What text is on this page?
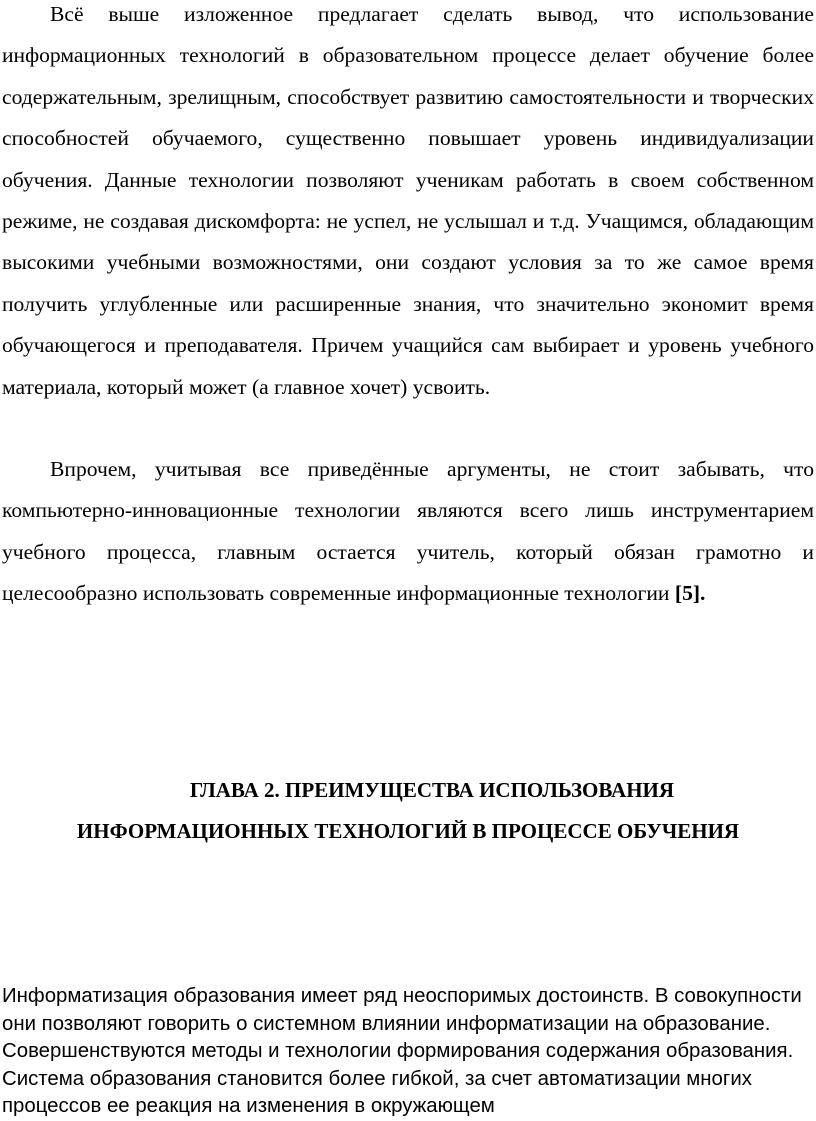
Всё выше изложенное предлагает сделать вывод, что использование информационных технологий в образовательном процессе делает обучение более содержательным, зрелищным, способствует развитию самостоятельности и творческих способностей обучаемого, существенно повышает уровень индивидуализации обучения. Данные технологии позволяют ученикам работать в своем собственном режиме, не создавая дискомфорта: не успел, не услышал и т.д. Учащимся, обладающим высокими учебными возможностями, они создают условия за то же самое время получить углубленные или расширенные знания, что значительно экономит время обучающегося и преподавателя. Причем учащийся сам выбирает и уровень учебного материала, который может (а главное хочет) усвоить.

Впрочем, учитывая все приведённые аргументы, не стоит забывать, что компьютерно-инновационные технологии являются всего лишь инструментарием учебного процесса, главным остается учитель, который обязан грамотно и целесообразно использовать современные информационные технологии [5].

ГЛАВА 2. ПРЕИМУЩЕСТВА ИСПОЛЬЗОВАНИЯ
ИНФОРМАЦИОННЫХ ТЕХНОЛОГИЙ В ПРОЦЕССЕ ОБУЧЕНИЯ

Информатизация образования имеет ряд неоспоримых достоинств. В совокупности они позволяют говорить о системном влиянии информатизации на образование. Совершенствуются методы и технологии формирования содержания образования. Система образования становится более гибкой, за счет автоматизации многих процессов ее реакция на изменения в окружающем
